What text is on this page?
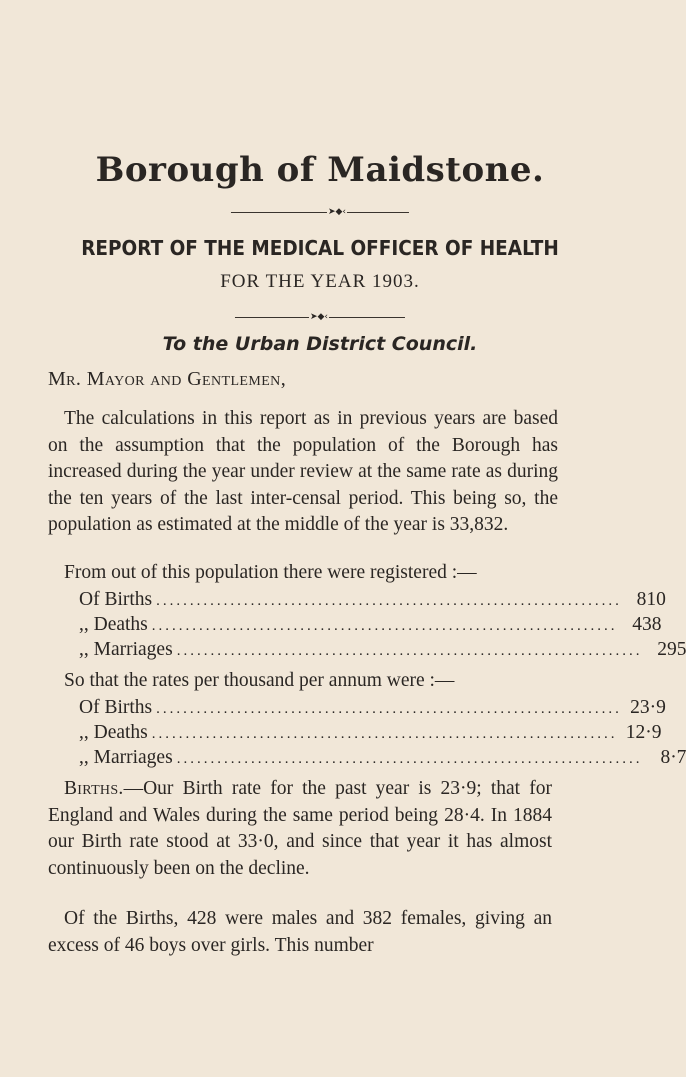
Borough of Maidstone.
➤◆‹
REPORT OF THE MEDICAL OFFICER OF HEALTH
FOR THE YEAR 1903.
➤◆‹
To the Urban District Council.
Mr. Mayor and Gentlemen,
The calculations in this report as in previous years are based on the assumption that the population of the Borough has increased during the year under review at the same rate as during the ten years of the last inter-censal period. This being so, the population as estimated at the middle of the year is 33,832.
From out of this population there were registered :—
Of Births ..................................................................... 810
,, Deaths ..................................................................... 438
,, Marriages ..................................................................... 295
So that the rates per thousand per annum were :—
Of Births ..................................................................... 23·9
,, Deaths ..................................................................... 12·9
,, Marriages ..................................................................... 8·7
Births.—Our Birth rate for the past year is 23·9; that for England and Wales during the same period being 28·4. In 1884 our Birth rate stood at 33·0, and since that year it has almost continuously been on the decline.
Of the Births, 428 were males and 382 females, giving an excess of 46 boys over girls. This number
